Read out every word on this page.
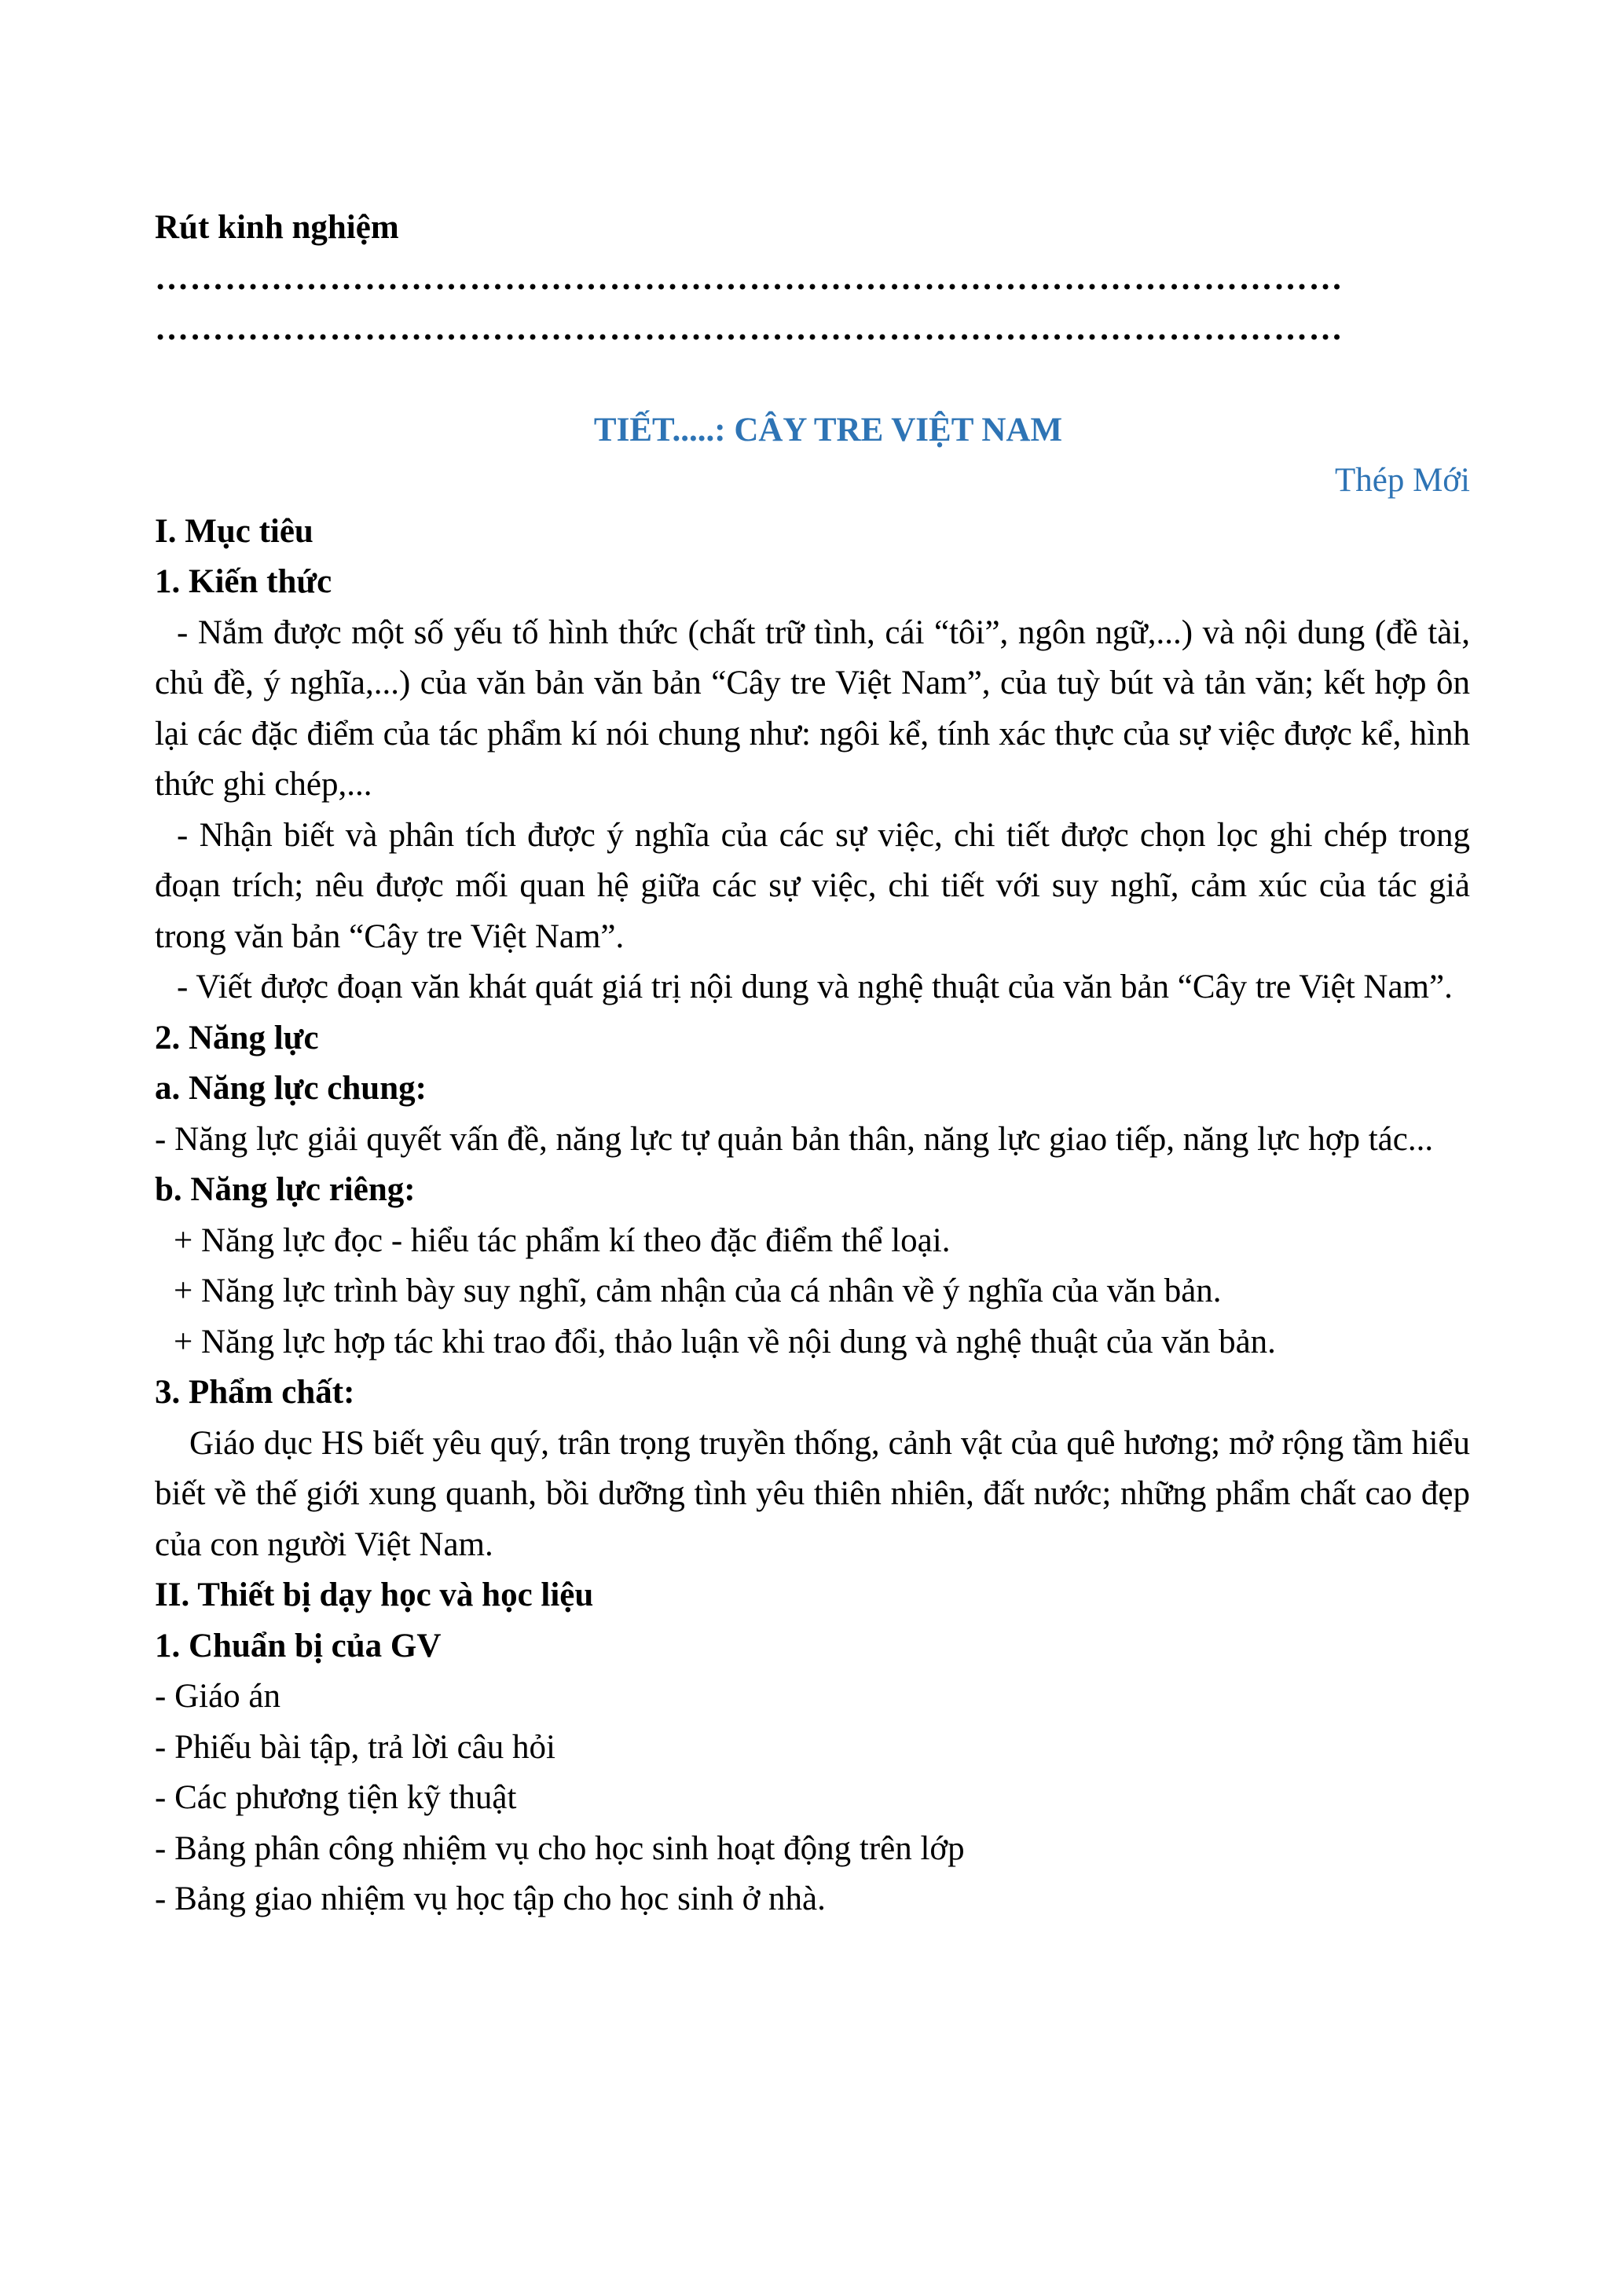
Rút kinh nghiệm
…………………………………………………………………………………………
…………………………………………………………………………………………
TIẾT.....: CÂY TRE VIỆT NAM
Thép Mới
I. Mục tiêu
1. Kiến thức

- Nắm được một số yếu tố hình thức (chất trữ tình, cái “tôi”, ngôn ngữ,...) và nội dung (đề tài, chủ đề, ý nghĩa,...) của văn bản văn bản “Cây tre Việt Nam”, của tuỳ bút và tản văn; kết hợp ôn lại các đặc điểm của tác phẩm kí nói chung như: ngôi kể, tính xác thực của sự việc được kể, hình thức ghi chép,...

- Nhận biết và phân tích được ý nghĩa của các sự việc, chi tiết được chọn lọc ghi chép trong đoạn trích; nêu được mối quan hệ giữa các sự việc, chi tiết với suy nghĩ, cảm xúc của tác giả trong văn bản “Cây tre Việt Nam”.

- Viết được đoạn văn khát quát giá trị nội dung và nghệ thuật của văn bản “Cây tre Việt Nam”.

2. Năng lực
a. Năng lực chung:

- Năng lực giải quyết vấn đề, năng lực tự quản bản thân, năng lực giao tiếp, năng lực hợp tác...

b. Năng lực riêng:
+ Năng lực đọc - hiểu tác phẩm kí theo đặc điểm thể loại.
+ Năng lực trình bày suy nghĩ, cảm nhận của cá nhân về ý nghĩa của văn bản.
+ Năng lực hợp tác khi trao đổi, thảo luận về nội dung và nghệ thuật của văn bản.
3. Phẩm chất:

Giáo dục HS biết yêu quý, trân trọng truyền thống, cảnh vật của quê hương; mở rộng tầm hiểu biết về thế giới xung quanh, bồi dưỡng tình yêu thiên nhiên, đất nước; những phẩm chất cao đẹp của con người Việt Nam.

II. Thiết bị dạy học và học liệu
1. Chuẩn bị của GV
- Giáo án
- Phiếu bài tập, trả lời câu hỏi
- Các phương tiện kỹ thuật
- Bảng phân công nhiệm vụ cho học sinh hoạt động trên lớp
- Bảng giao nhiệm vụ học tập cho học sinh ở nhà.
